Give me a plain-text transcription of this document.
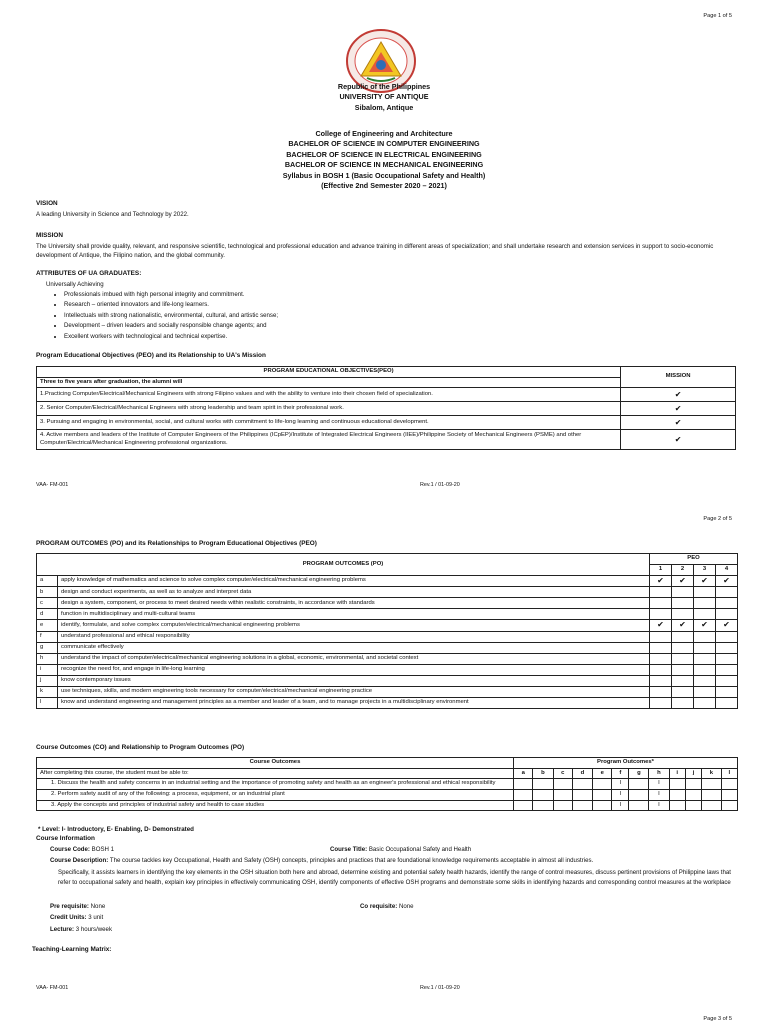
Page 1 of 5
Republic of the Philippines
UNIVERSITY OF ANTIQUE
Sibalom, Antique
College of Engineering and Architecture
BACHELOR OF SCIENCE IN COMPUTER ENGINEERING
BACHELOR OF SCIENCE IN ELECTRICAL ENGINEERING
BACHELOR OF SCIENCE IN MECHANICAL ENGINEERING
Syllabus in BOSH 1 (Basic Occupational Safety and Health)
(Effective 2nd Semester 2020 – 2021)
VISION
A leading University in Science and Technology by 2022.
MISSION
The University shall provide quality, relevant, and responsive scientific, technological and professional education and advance training in different areas of specialization; and shall undertake research and extension services in support to socio-economic development of Antique, the Filipino nation, and the global community.
ATTRIBUTES OF UA GRADUATES:
Universally Achieving
• Professionals imbued with high personal integrity and commitment.
• Research – oriented innovators and life-long learners.
• Intellectuals with strong nationalistic, environmental, cultural, and artistic sense;
• Development – driven leaders and socially responsible change agents; and
• Excellent workers with technological and technical expertise.
Program Educational Objectives (PEO) and its Relationship to UA's Mission
PROGRAM EDUCATIONAL OBJECTIVES(PEO)	MISSION
Three to five years after graduation, the alumni will	
1.Practicing Computer/Electrical/Mechanical Engineers with strong Filipino values and with the ability to venture into their chosen field of specialization.	✔
2. Senior Computer/Electrical/Mechanical Engineers with strong leadership and team spirit in their professional work.	✔
3. Pursuing and engaging in environmental, social, and cultural works with commitment to life-long learning and continuous educational development.	✔
4. Active members and leaders of the Institute of Computer Engineers of the Philippines (ICpEP)/Institute of Integrated Electrical Engineers (IIEE)/Philippine Society of Mechanical Engineers (PSME) and other Computer/Electrical/Mechanical Engineering professional organizations.	✔
VAA- FM-001	Rev.1 / 01-09-20
Page 2 of 5
PROGRAM OUTCOMES (PO) and its Relationships to Program Educational Objectives (PEO)
PROGRAM OUTCOMES (PO)		PEO			
		1	2	3	4
a	apply knowledge of mathematics and science to solve complex computer/electrical/mechanical engineering problems	✔	✔	✔	✔
b	design and conduct experiments, as well as to analyze and interpret data				
c	design a system, component, or process to meet desired needs within realistic constraints, in accordance with standards				
d	function in multidisciplinary and multi-cultural teams				
e	identify, formulate, and solve complex computer/electrical/mechanical engineering problems	✔	✔	✔	✔
f	understand professional and ethical responsibility				
g	communicate effectively				
h	understand the impact of computer/electrical/mechanical engineering solutions in a global, economic, environmental, and societal context				
i	recognize the need for, and engage in life-long learning				
j	know contemporary issues				
k	use techniques, skills, and modern engineering tools necessary for computer/electrical/mechanical engineering practice				
l	know and understand engineering and management principles as a member and leader of a team, and to manage projects in a multidisciplinary environment				
Course Outcomes (CO) and Relationship to Program Outcomes (PO)
Course Outcomes	Program Outcomes*											
After completing this course, the student must be able to:	a	b	c	d	e	f	g	h	i	j	k	l
1. Discuss the health and safety concerns in an industrial setting and the importance of promoting safety and health as an engineer's professional and ethical responsibility						I		I				
2. Perform safety audit of any of the following: a process, equipment, or an industrial plant						I		I				
3. Apply the concepts and principles of industrial safety and health to case studies						I		I				
* Level: I- Introductory, E- Enabling, D- Demonstrated
Course Information
Course Code: BOSH 1	Course Title: Basic Occupational Safety and Health
Course Description: The course tackles key Occupational, Health and Safety (OSH) concepts, principles and practices that are foundational knowledge requirements acceptable in almost all industries.
Specifically, it assists learners in identifying the key elements in the OSH situation both here and abroad, determine existing and potential safety health hazards, identify the range of control measures, discuss pertinent provisions of Philippine laws that refer to occupational safety and health, explain key principles in effectively communicating OSH, identify components of effective OSH programs and demonstrate some skills in identifying hazards and corresponding control measures at the workplace
Pre requisite: None	Co requisite: None
Credit Units: 3 unit
Lecture: 3 hours/week
Teaching-Learning Matrix:
VAA- FM-001	Rev.1 / 01-09-20
Page 3 of 5
